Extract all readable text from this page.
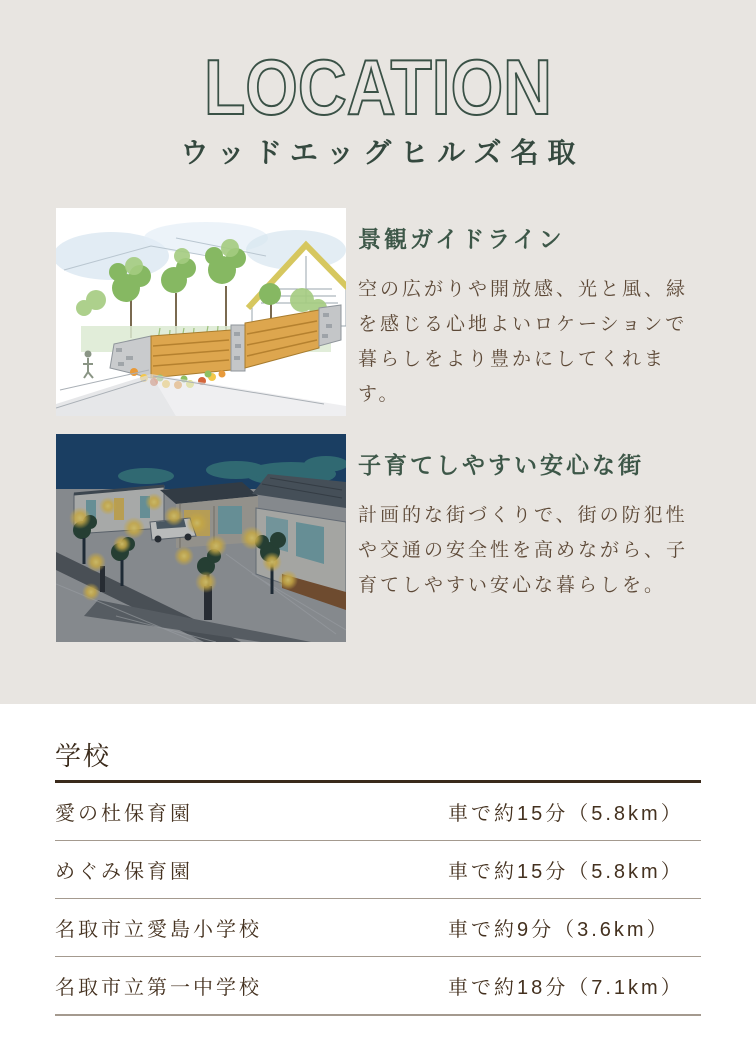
LOCATION
ウッドエッグヒルズ名取
景観ガイドライン
空の広がりや開放感、光と風、緑を感じる心地よいロケーションで暮らしをより豊かにしてくれます。
子育てしやすい安心な街
計画的な街づくりで、街の防犯性や交通の安全性を高めながら、子育てしやすい安心な暮らしを。
学校
愛の杜保育園	車で約15分（5.8km）
めぐみ保育園	車で約15分（5.8km）
名取市立愛島小学校	車で約9分（3.6km）
名取市立第一中学校	車で約18分（7.1km）
